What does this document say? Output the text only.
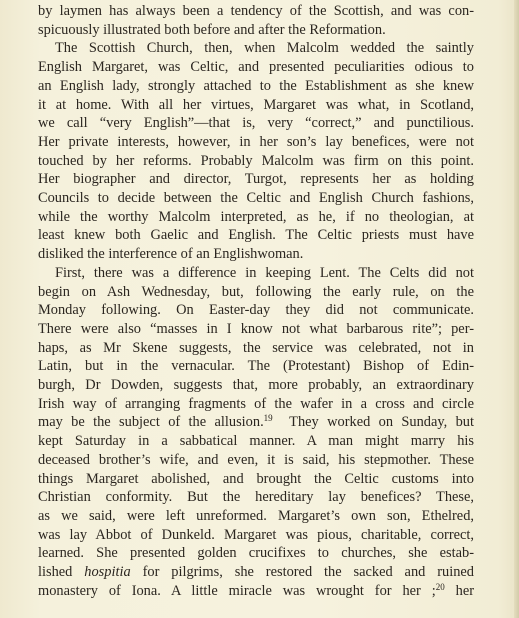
by laymen has always been a tendency of the Scottish, and was con-
spicuously illustrated both before and after the Reformation.
The Scottish Church, then, when Malcolm wedded the saintly
English Margaret, was Celtic, and presented peculiarities odious to
an English lady, strongly attached to the Establishment as she knew
it at home. With all her virtues, Margaret was what, in Scotland,
we call “very English”—that is, very “correct,” and punctilious.
Her private interests, however, in her son’s lay benefices, were not
touched by her reforms. Probably Malcolm was firm on this point.
Her biographer and director, Turgot, represents her as holding
Councils to decide between the Celtic and English Church fashions,
while the worthy Malcolm interpreted, as he, if no theologian, at
least knew both Gaelic and English. The Celtic priests must have
disliked the interference of an Englishwoman.
First, there was a difference in keeping Lent. The Celts did not
begin on Ash Wednesday, but, following the early rule, on the
Monday following. On Easter-day they did not communicate.
There were also “masses in I know not what barbarous rite”; per-
haps, as Mr Skene suggests, the service was celebrated, not in
Latin, but in the vernacular. The (Protestant) Bishop of Edin-
burgh, Dr Dowden, suggests that, more probably, an extraordinary
Irish way of arranging fragments of the wafer in a cross and circle
may be the subject of the allusion.$^{19}$ They worked on Sunday, but
kept Saturday in a sabbatical manner. A man might marry his
deceased brother’s wife, and even, it is said, his stepmother. These
things Margaret abolished, and brought the Celtic customs into
Christian conformity. But the hereditary lay benefices? These,
as we said, were left unreformed. Margaret’s own son, Ethelred,
was lay Abbot of Dunkeld. Margaret was pious, charitable, correct,
learned. She presented golden crucifixes to churches, she estab-
lished hospitia for pilgrims, she restored the sacked and ruined
monastery of Iona. A little miracle was wrought for her ;$^{20}$ her
